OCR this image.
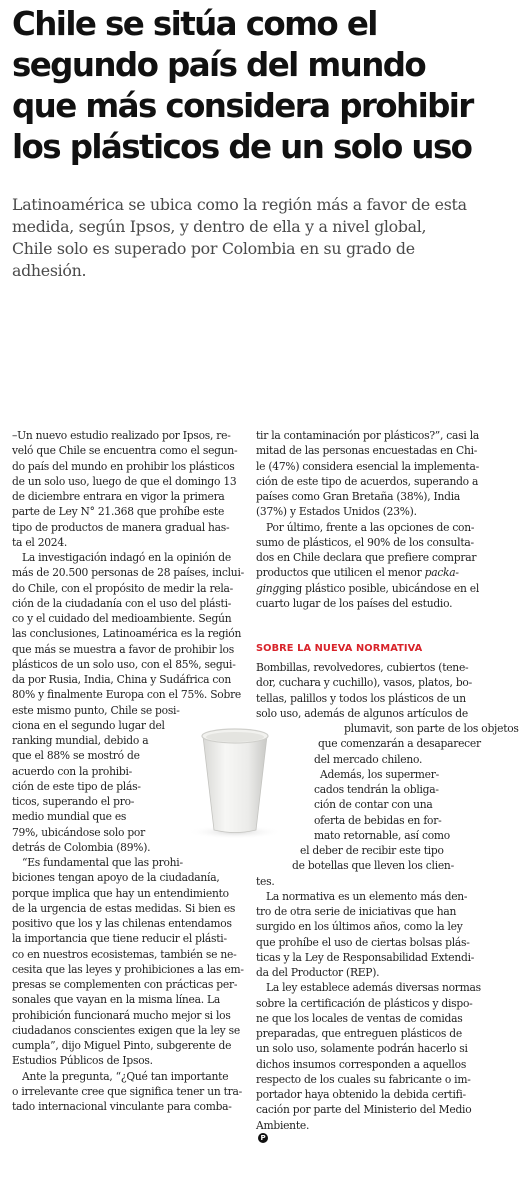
Chile se sitúa como el
segundo país del mundo
que más considera prohibir
los plásticos de un solo uso

Latinoamérica se ubica como la región más a favor de esta
medida, según Ipsos, y dentro de ella y a nivel global,
Chile solo es superado por Colombia en su grado de
adhesión.

–Un nuevo estudio realizado por Ipsos, re-
veló que Chile se encuentra como el segun-
do país del mundo en prohibir los plásticos
de un solo uso, luego de que el domingo 13
de diciembre entrara en vigor la primera
parte de Ley N° 21.368 que prohíbe este
tipo de productos de manera gradual has-
ta el 2024.
La investigación indagó en la opinión de
más de 20.500 personas de 28 países, inclui-
do Chile, con el propósito de medir la rela-
ción de la ciudadanía con el uso del plásti-
co y el cuidado del medioambiente. Según
las conclusiones, Latinoamérica es la región
que más se muestra a favor de prohibir los
plásticos de un solo uso, con el 85%, segui-
da por Rusia, India, China y Sudáfrica con
80% y finalmente Europa con el 75%. Sobre
este mismo punto, Chile se posi-
ciona en el segundo lugar del
ranking mundial, debido a
que el 88% se mostró de
acuerdo con la prohibi-
ción de este tipo de plás-
ticos, superando el pro-
medio mundial que es
79%, ubicándose solo por
detrás de Colombia (89%).
“Es fundamental que las prohi-
biciones tengan apoyo de la ciudadanía,
porque implica que hay un entendimiento
de la urgencia de estas medidas. Si bien es
positivo que los y las chilenas entendamos
la importancia que tiene reducir el plásti-
co en nuestros ecosistemas, también se ne-
cesita que las leyes y prohibiciones a las em-
presas se complementen con prácticas per-
sonales que vayan en la misma línea. La
prohibición funcionará mucho mejor si los
ciudadanos conscientes exigen que la ley se
cumpla”, dijo Miguel Pinto, subgerente de
Estudios Públicos de Ipsos.
Ante la pregunta, “¿Qué tan importante
o irrelevante cree que significa tener un tra-
tado internacional vinculante para comba-
tir la contaminación por plásticos?”, casi la
mitad de las personas encuestadas en Chi-
le (47%) considera esencial la implementa-
ción de este tipo de acuerdos, superando a
países como Gran Bretaña (38%), India
(37%) y Estados Unidos (23%).
Por último, frente a las opciones de con-
sumo de plásticos, el 90% de los consulta-
dos en Chile declara que prefiere comprar
productos que utilicen el menor packa-
gingging plástico posible, ubicándose en el
cuarto lugar de los países del estudio.
SOBRE LA NUEVA NORMATIVA
Bombillas, revolvedores, cubiertos (tene-
dor, cuchara y cuchillo), vasos, platos, bo-
tellas, palillos y todos los plásticos de un
solo uso, además de algunos artículos de
plumavit, son parte de los objetos
que comenzarán a desaparecer
del mercado chileno.
Además, los supermer-
cados tendrán la obliga-
ción de contar con una
oferta de bebidas en for-
mato retornable, así como
el deber de recibir este tipo
de botellas que lleven los clien-
tes.
La normativa es un elemento más den-
tro de otra serie de iniciativas que han
surgido en los últimos años, como la ley
que prohíbe el uso de ciertas bolsas plás-
ticas y la Ley de Responsabilidad Extendi-
da del Productor (REP).
La ley establece además diversas normas
sobre la certificación de plásticos y dispo-
ne que los locales de ventas de comidas
preparadas, que entreguen plásticos de
un solo uso, solamente podrán hacerlo si
dichos insumos corresponden a aquellos
respecto de los cuales su fabricante o im-
portador haya obtenido la debida certifi-
cación por parte del Ministerio del Medio
Ambiente.
P
